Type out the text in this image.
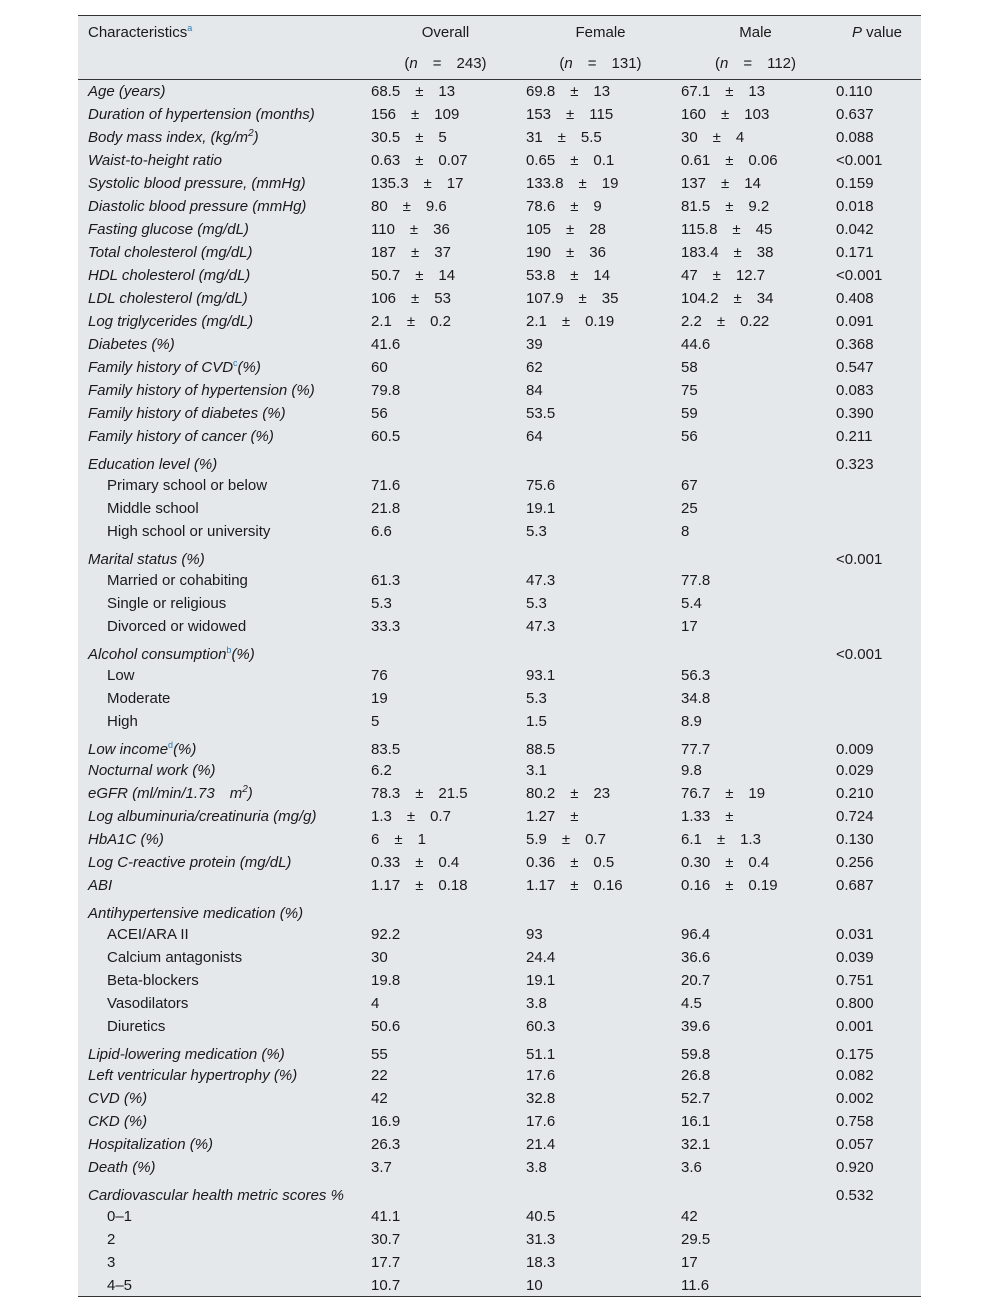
Characteristics$^a$	Overall	Female	Male	P value
	(n = 243)	(n = 131)	(n = 112)	
Age (years)	68.5 ± 13	69.8 ± 13	67.1 ± 13	0.110
Duration of hypertension (months)	156 ± 109	153 ± 115	160 ± 103	0.637
Body mass index, $(kg/m^2)$	30.5 ± 5	31 ± 5.5	30 ± 4	0.088
Waist-to-height ratio	0.63 ± 0.07	0.65 ± 0.1	0.61 ± 0.06	<0.001
Systolic blood pressure, (mmHg)	135.3 ± 17	133.8 ± 19	137 ± 14	0.159
Diastolic blood pressure (mmHg)	80 ± 9.6	78.6 ± 9	81.5 ± 9.2	0.018
Fasting glucose (mg/dL)	110 ± 36	105 ± 28	115.8 ± 45	0.042
Total cholesterol (mg/dL)	187 ± 37	190 ± 36	183.4 ± 38	0.171
HDL cholesterol (mg/dL)	50.7 ± 14	53.8 ± 14	47 ± 12.7	<0.001
LDL cholesterol (mg/dL)	106 ± 53	107.9 ± 35	104.2 ± 34	0.408
Log triglycerides (mg/dL)	2.1 ± 0.2	2.1 ± 0.19	2.2 ± 0.22	0.091
Diabetes (%)	41.6	39	44.6	0.368
Family history of CVD$^c$(%)	60	62	58	0.547
Family history of hypertension (%)	79.8	84	75	0.083
Family history of diabetes (%)	56	53.5	59	0.390
Family history of cancer (%)	60.5	64	56	0.211
Education level (%)				0.323
Primary school or below	71.6	75.6	67	
Middle school	21.8	19.1	25	
High school or university	6.6	5.3	8	
Marital status (%)				<0.001
Married or cohabiting	61.3	47.3	77.8	
Single or religious	5.3	5.3	5.4	
Divorced or widowed	33.3	47.3	17	
Alcohol consumption$^b$(%)				<0.001
Low	76	93.1	56.3	
Moderate	19	5.3	34.8	
High	5	1.5	8.9	
Low income$^d$(%)	83.5	88.5	77.7	0.009
Nocturnal work (%)	6.2	3.1	9.8	0.029
eGFR (ml/min/1.73 $m^2$)	78.3 ± 21.5	80.2 ± 23	76.7 ± 19	0.210
Log albuminuria/creatinuria (mg/g)	1.3 ± 0.7	1.27 ±	1.33 ±	0.724
HbA1C (%)	6 ± 1	5.9 ± 0.7	6.1 ± 1.3	0.130
Log C-reactive protein (mg/dL)	0.33 ± 0.4	0.36 ± 0.5	0.30 ± 0.4	0.256
ABI	1.17 ± 0.18	1.17 ± 0.16	0.16 ± 0.19	0.687
Antihypertensive medication (%)				
ACEI/ARA II	92.2	93	96.4	0.031
Calcium antagonists	30	24.4	36.6	0.039
Beta-blockers	19.8	19.1	20.7	0.751
Vasodilators	4	3.8	4.5	0.800
Diuretics	50.6	60.3	39.6	0.001
Lipid-lowering medication (%)	55	51.1	59.8	0.175
Left ventricular hypertrophy (%)	22	17.6	26.8	0.082
CVD (%)	42	32.8	52.7	0.002
CKD (%)	16.9	17.6	16.1	0.758
Hospitalization (%)	26.3	21.4	32.1	0.057
Death (%)	3.7	3.8	3.6	0.920
Cardiovascular health metric scores %				0.532
0–1	41.1	40.5	42	
2	30.7	31.3	29.5	
3	17.7	18.3	17	
4–5	10.7	10	11.6	
